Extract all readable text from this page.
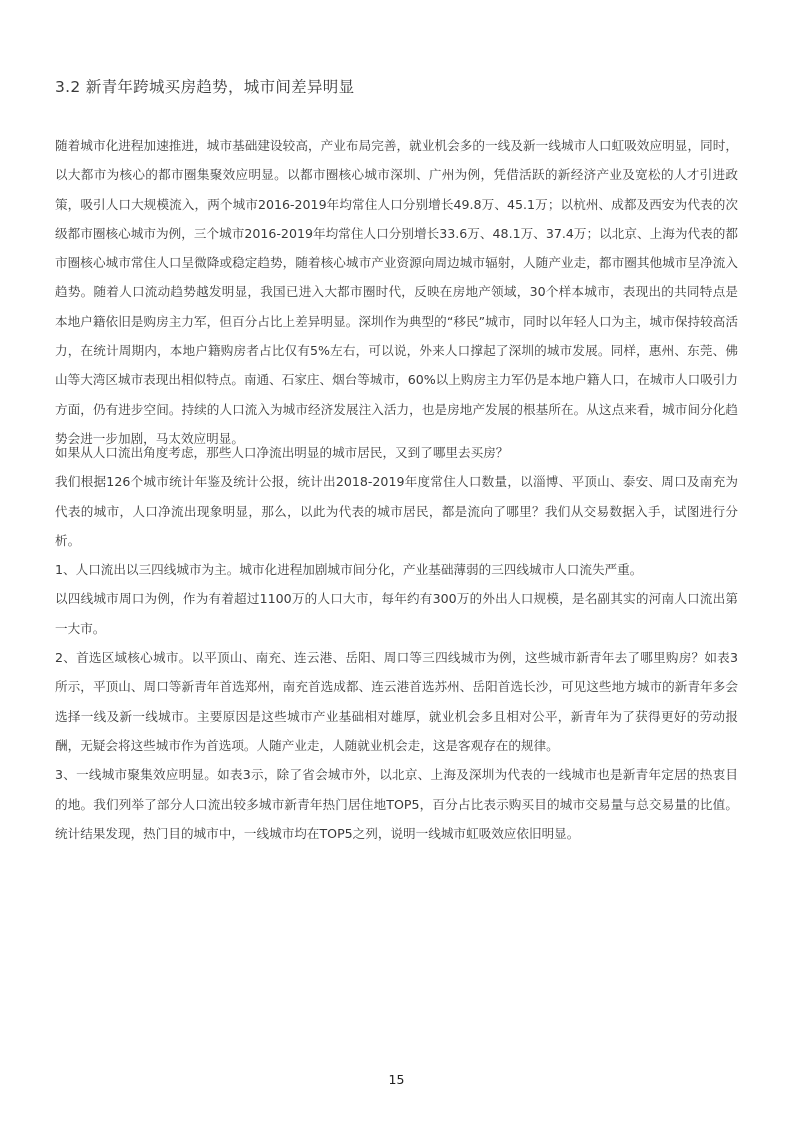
3.2 新青年跨城买房趋势，城市间差异明显

随着城市化进程加速推进，城市基础建设较高，产业布局完善，就业机会多的一线及新一线城市人口虹吸效应明显，同时，以大都市为核心的都市圈集聚效应明显。以都市圈核心城市深圳、广州为例，凭借活跃的新经济产业及宽松的人才引进政策，吸引人口大规模流入，两个城市2016-2019年均常住人口分别增长49.8万、45.1万；以杭州、成都及西安为代表的次级都市圈核心城市为例，三个城市2016-2019年均常住人口分别增长33.6万、48.1万、37.4万；以北京、上海为代表的都市圈核心城市常住人口呈微降或稳定趋势，随着核心城市产业资源向周边城市辐射，人随产业走，都市圈其他城市呈净流入趋势。随着人口流动趋势越发明显，我国已进入大都市圈时代，反映在房地产领域，30个样本城市，表现出的共同特点是本地户籍依旧是购房主力军，但百分占比上差异明显。深圳作为典型的“移民”城市，同时以年轻人口为主，城市保持较高活力，在统计周期内，本地户籍购房者占比仅有5%左右，可以说，外来人口撑起了深圳的城市发展。同样，惠州、东莞、佛山等大湾区城市表现出相似特点。南通、石家庄、烟台等城市，60%以上购房主力军仍是本地户籍人口，在城市人口吸引力方面，仍有进步空间。持续的人口流入为城市经济发展注入活力，也是房地产发展的根基所在。从这点来看，城市间分化趋势会进一步加剧，马太效应明显。

如果从人口流出角度考虑，那些人口净流出明显的城市居民，又到了哪里去买房？

我们根据126个城市统计年鉴及统计公报，统计出2018-2019年度常住人口数量，以淄博、平顶山、泰安、周口及南充为代表的城市，人口净流出现象明显，那么，以此为代表的城市居民，都是流向了哪里？我们从交易数据入手，试图进行分析。

1、人口流出以三四线城市为主。城市化进程加剧城市间分化，产业基础薄弱的三四线城市人口流失严重。

以四线城市周口为例，作为有着超过1100万的人口大市，每年约有300万的外出人口规模，是名副其实的河南人口流出第一大市。

2、首选区域核心城市。以平顶山、南充、连云港、岳阳、周口等三四线城市为例，这些城市新青年去了哪里购房？如表3所示，平顶山、周口等新青年首选郑州，南充首选成都、连云港首选苏州、岳阳首选长沙，可见这些地方城市的新青年多会选择一线及新一线城市。主要原因是这些城市产业基础相对雄厚，就业机会多且相对公平，新青年为了获得更好的劳动报酬，无疑会将这些城市作为首选项。人随产业走，人随就业机会走，这是客观存在的规律。

3、一线城市聚集效应明显。如表3示，除了省会城市外，以北京、上海及深圳为代表的一线城市也是新青年定居的热衷目的地。我们列举了部分人口流出较多城市新青年热门居住地TOP5，百分占比表示购买目的城市交易量与总交易量的比值。统计结果发现，热门目的城市中，一线城市均在TOP5之列，说明一线城市虹吸效应依旧明显。

15
